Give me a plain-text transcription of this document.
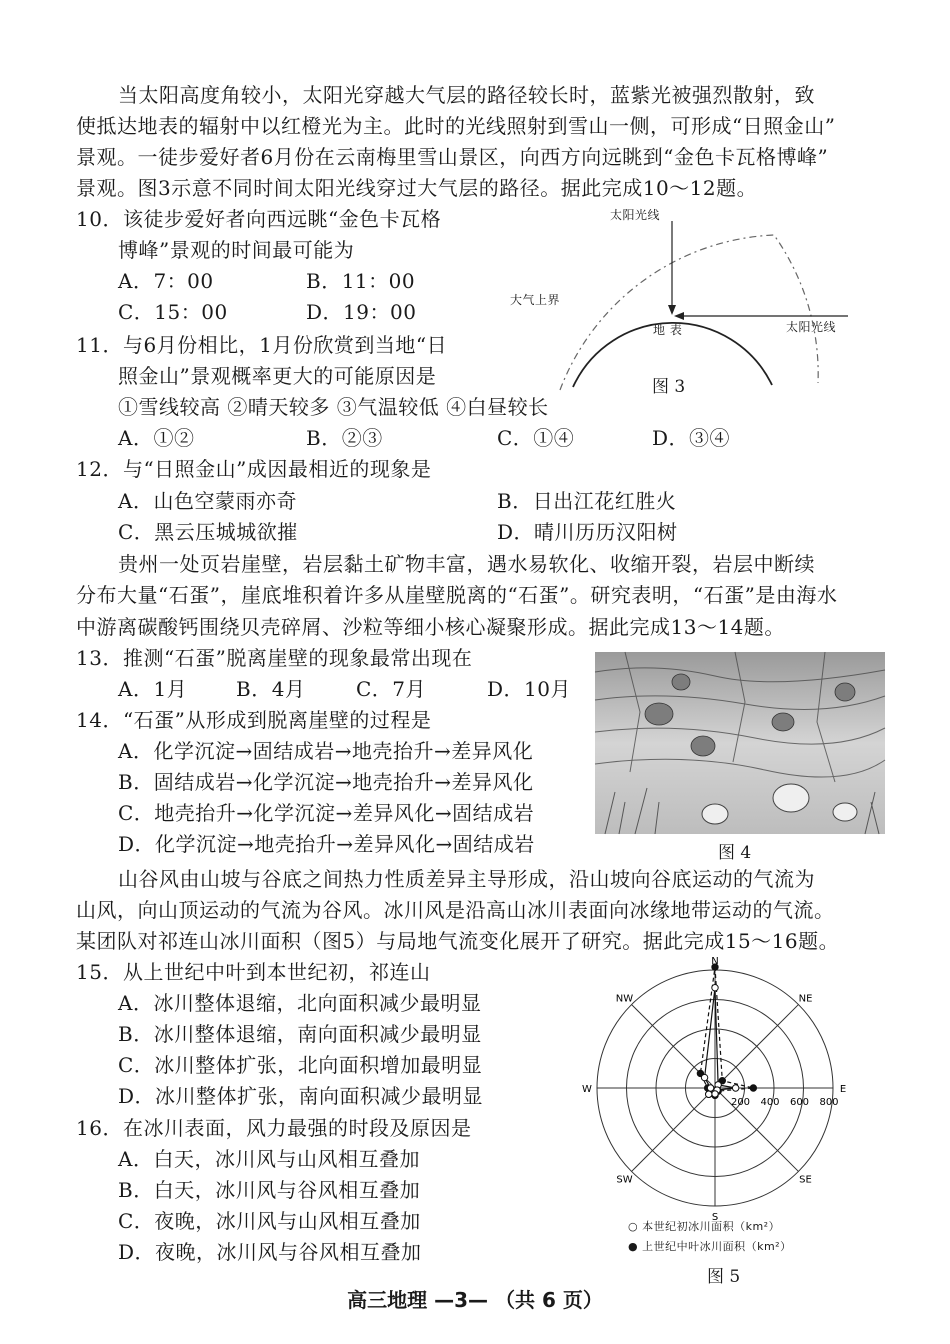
当太阳高度角较小，太阳光穿越大气层的路径较长时，蓝紫光被强烈散射，致
使抵达地表的辐射中以红橙光为主。此时的光线照射到雪山一侧，可形成“日照金山”
景观。一徒步爱好者6月份在云南梅里雪山景区，向西方向远眺到“金色卡瓦格博峰”
景观。图3示意不同时间太阳光线穿过大气层的路径。据此完成10～12题。
10．该徒步爱好者向西远眺“金色卡瓦格
博峰”景观的时间最可能为
A．7：00	B．11：00
C．15：00	D．19：00
11．与6月份相比，1月份欣赏到当地“日
照金山”景观概率更大的可能原因是
①雪线较高 ②晴天较多 ③气温较低 ④白昼较长
A．①②	B．②③	C．①④	D．③④
12．与“日照金山”成因最相近的现象是
A．山色空蒙雨亦奇	B．日出江花红胜火
C．黑云压城城欲摧	D．晴川历历汉阳树
太阳光线
大气上界
地 表	太阳光线
图 3
贵州一处页岩崖壁，岩层黏土矿物丰富，遇水易软化、收缩开裂，岩层中断续
分布大量“石蛋”，崖底堆积着许多从崖壁脱离的“石蛋”。研究表明，“石蛋”是由海水
中游离碳酸钙围绕贝壳碎屑、沙粒等细小核心凝聚形成。据此完成13～14题。
13．推测“石蛋”脱离崖壁的现象最常出现在
A．1月 B．4月	C．7月	D．10月
14．“石蛋”从形成到脱离崖壁的过程是
A．化学沉淀→固结成岩→地壳抬升→差异风化
B．固结成岩→化学沉淀→地壳抬升→差异风化
C．地壳抬升→化学沉淀→差异风化→固结成岩
D．化学沉淀→地壳抬升→差异风化→固结成岩	图 4
山谷风由山坡与谷底之间热力性质差异主导形成，沿山坡向谷底运动的气流为
山风，向山顶运动的气流为谷风。冰川风是沿高山冰川表面向冰缘地带运动的气流。
某团队对祁连山冰川面积（图5）与局地气流变化展开了研究。据此完成15～16题。
15．从上世纪中叶到本世纪初，祁连山
A．冰川整体退缩，北向面积减少最明显
B．冰川整体退缩，南向面积减少最明显
C．冰川整体扩张，北向面积增加最明显
D．冰川整体扩张，南向面积减少最明显
16．在冰川表面，风力最强的时段及原因是
A．白天，冰川风与山风相互叠加
B．白天，冰川风与谷风相互叠加
C．夜晚，冰川风与山风相互叠加
D．夜晚，冰川风与谷风相互叠加
N
NE
E
SE
S
SW
W
NW
200 400 600 800
○ 本世纪初冰川面积（km²）
● 上世纪中叶冰川面积（km²）
图 5
高三地理 —3— （共 6 页）
